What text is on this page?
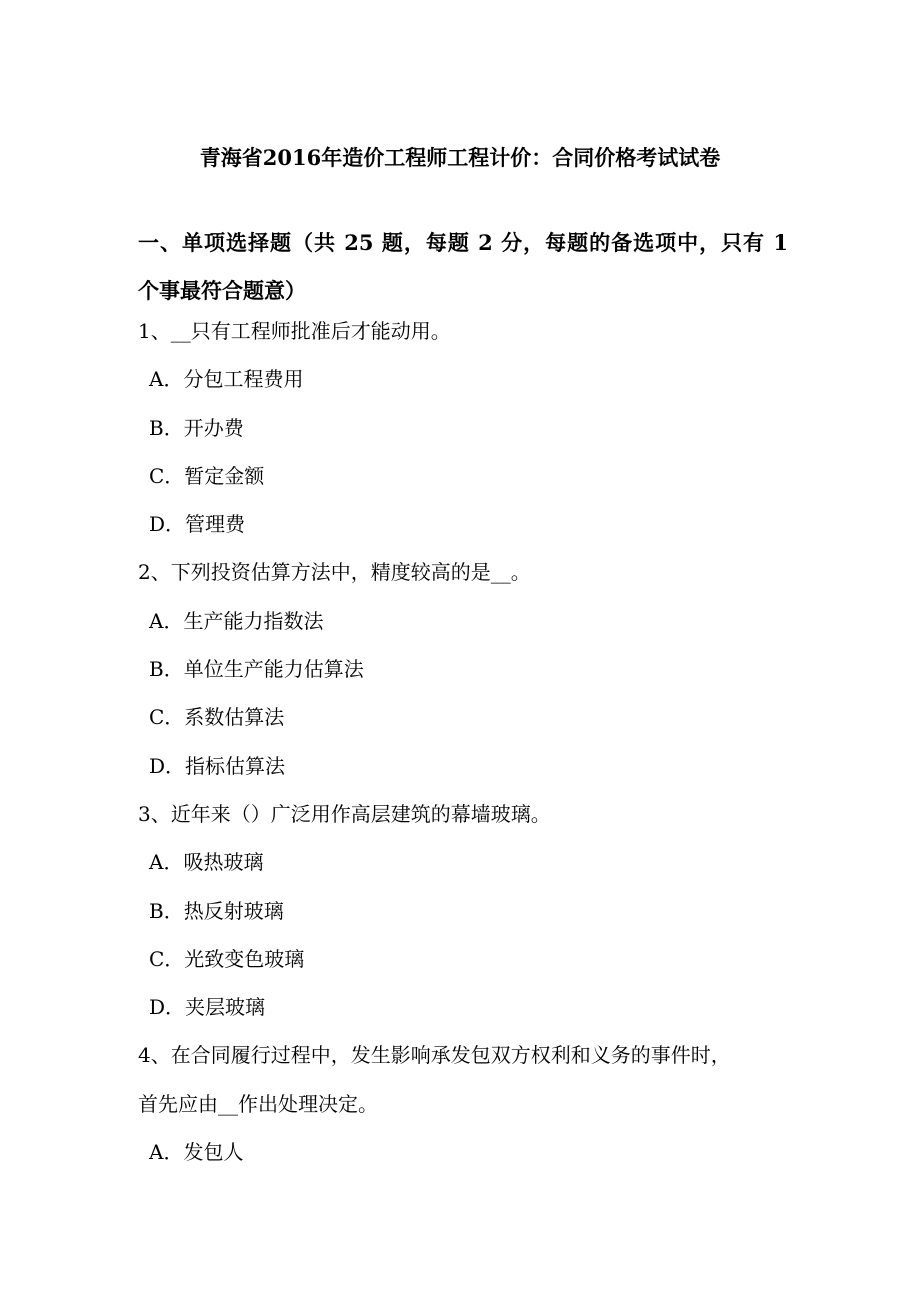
青海省2016年造价工程师工程计价：合同价格考试试卷
一、单项选择题（共 25 题，每题 2 分，每题的备选项中，只有 1
个事最符合题意）
1、__只有工程师批准后才能动用。
A．分包工程费用
B．开办费
C．暂定金额
D．管理费
2、下列投资估算方法中，精度较高的是__。
A．生产能力指数法
B．单位生产能力估算法
C．系数估算法
D．指标估算法
3、近年来（）广泛用作高层建筑的幕墙玻璃。
A．吸热玻璃
B．热反射玻璃
C．光致变色玻璃
D．夹层玻璃
4、在合同履行过程中，发生影响承发包双方权利和义务的事件时，
首先应由__作出处理决定。
A．发包人
